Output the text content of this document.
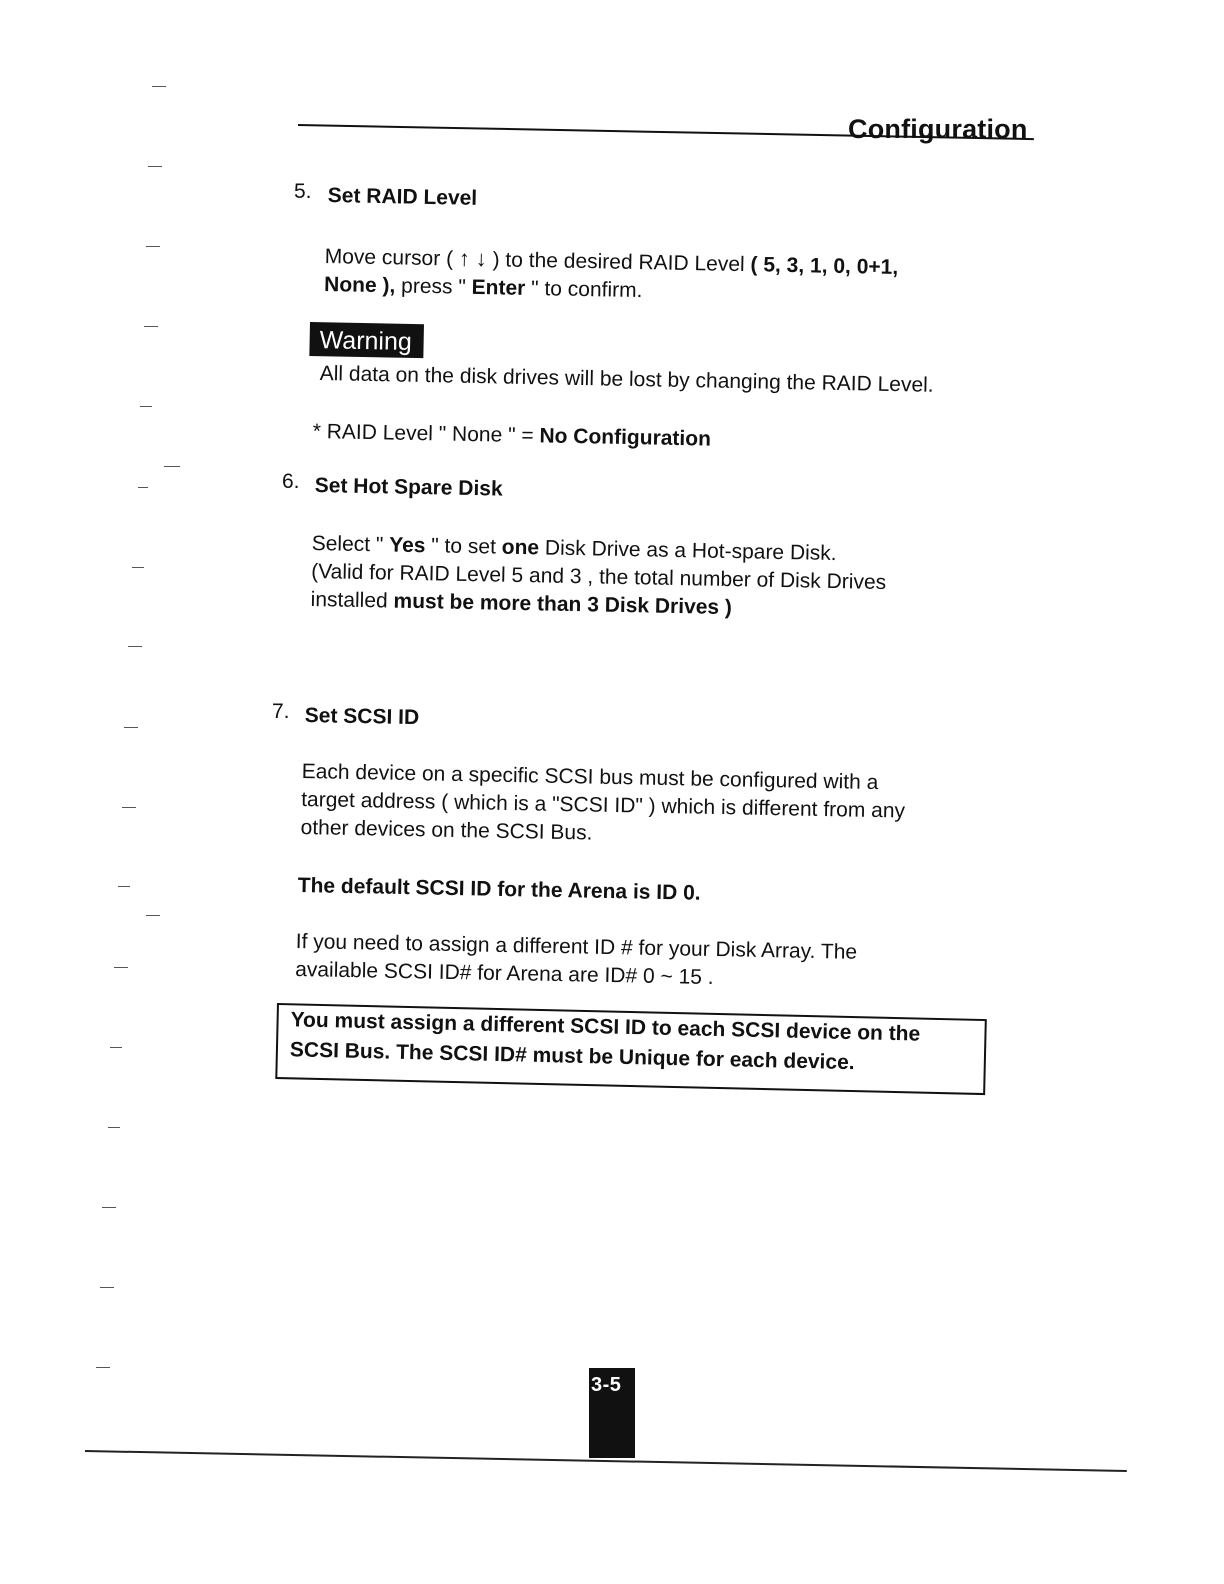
Configuration
5. Set RAID Level
Move cursor ( ↑ ↓ ) to the desired RAID Level ( 5, 3, 1, 0, 0+1,
None ), press " Enter " to confirm.
Warning
All data on the disk drives will be lost by changing the RAID Level.
* RAID Level " None " = No Configuration
6. Set Hot Spare Disk
Select " Yes " to set one Disk Drive as a Hot-spare Disk.
(Valid for RAID Level 5 and 3 , the total number of Disk Drives
installed must be more than 3 Disk Drives )
7. Set SCSI ID
Each device on a specific SCSI bus must be configured with a
target address ( which is a "SCSI ID" ) which is different from any
other devices on the SCSI Bus.
The default SCSI ID for the Arena is ID 0.
If you need to assign a different ID # for your Disk Array. The
available SCSI ID# for Arena are ID# 0 ~ 15 .
You must assign a different SCSI ID to each SCSI device on the
SCSI Bus. The SCSI ID# must be Unique for each device.
3-5
